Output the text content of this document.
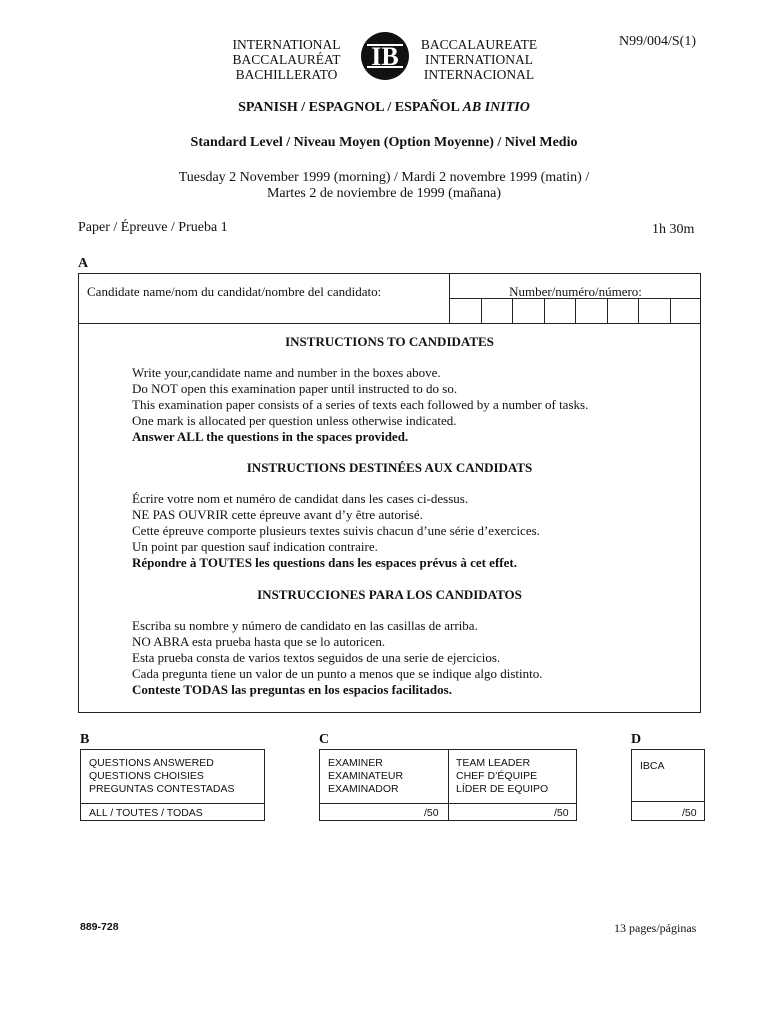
INTERNATIONAL
BACCALAURÉAT
BACHILLERATO
IB	BACCALAUREATE
INTERNATIONAL
INTERNACIONAL
N99/004/S(1)
SPANISH / ESPAGNOL / ESPAÑOL AB INITIO
Standard Level / Niveau Moyen (Option Moyenne) / Nivel Medio
Tuesday 2 November 1999 (morning) / Mardi 2 novembre 1999 (matin) /
Martes 2 de noviembre de 1999 (mañana)
Paper / Épreuve / Prueba 1	1h 30m
A
Candidate name/nom du candidat/nombre del candidato:	Number/numéro/número:
INSTRUCTIONS TO CANDIDATES
Write your,candidate name and number in the boxes above.
Do NOT open this examination paper until instructed to do so.
This examination paper consists of a series of texts each followed by a number of tasks.
One mark is allocated per question unless otherwise indicated.
Answer ALL the questions in the spaces provided.
INSTRUCTIONS DESTINÉES AUX CANDIDATS
Écrire votre nom et numéro de candidat dans les cases ci-dessus.
NE PAS OUVRIR cette épreuve avant d’y être autorisé.
Cette épreuve comporte plusieurs textes suivis chacun d’une série d’exercices.
Un point par question sauf indication contraire.
Répondre à TOUTES les questions dans les espaces prévus à cet effet.
INSTRUCCIONES PARA LOS CANDIDATOS
Escriba su nombre y número de candidato en las casillas de arriba.
NO ABRA esta prueba hasta que se lo autoricen.
Esta prueba consta de varios textos seguidos de una serie de ejercicios.
Cada pregunta tiene un valor de un punto a menos que se indique algo distinto.
Conteste TODAS las preguntas en los espacios facilitados.
B
QUESTIONS ANSWERED
QUESTIONS CHOISIES
PREGUNTAS CONTESTADAS
ALL / TOUTES / TODAS
C
EXAMINER
EXAMINATEUR
EXAMINADOR
TEAM LEADER
CHEF D’ÉQUIPE
LÍDER DE EQUIPO
/50	/50
D
IBCA
/50
889-728	13 pages/páginas
